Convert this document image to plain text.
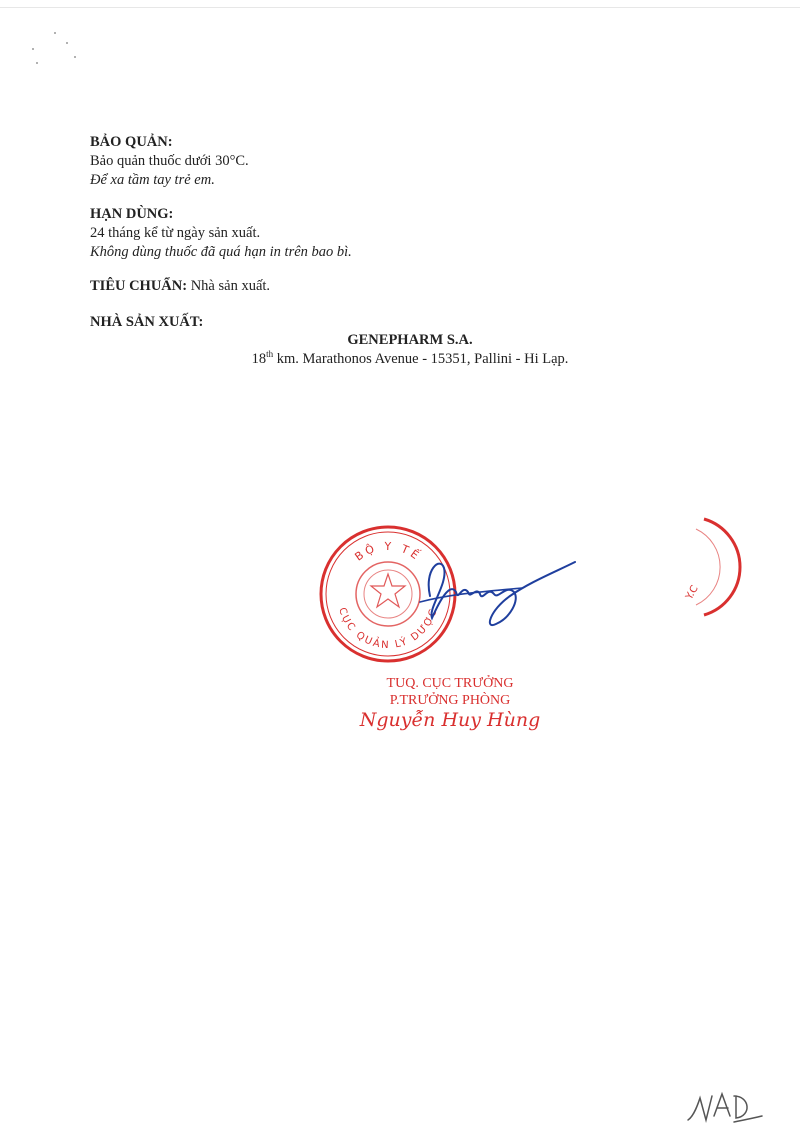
BẢO QUẢN:
Bảo quản thuốc dưới 30°C.
Để xa tầm tay trẻ em.
HẠN DÙNG:
24 tháng kể từ ngày sản xuất.
Không dùng thuốc đã quá hạn in trên bao bì.
TIÊU CHUẨN: Nhà sản xuất.
NHÀ SẢN XUẤT:
GENEPHARM S.A.
18th km. Marathonos Avenue - 15351, Pallini - Hi Lạp.
BỘ Y TẾ
CỤC QUẢN LÝ DƯỢC
Y.C
TUQ. CỤC TRƯỞNG
P.TRƯỞNG PHÒNG
Nguyễn Huy Hùng
